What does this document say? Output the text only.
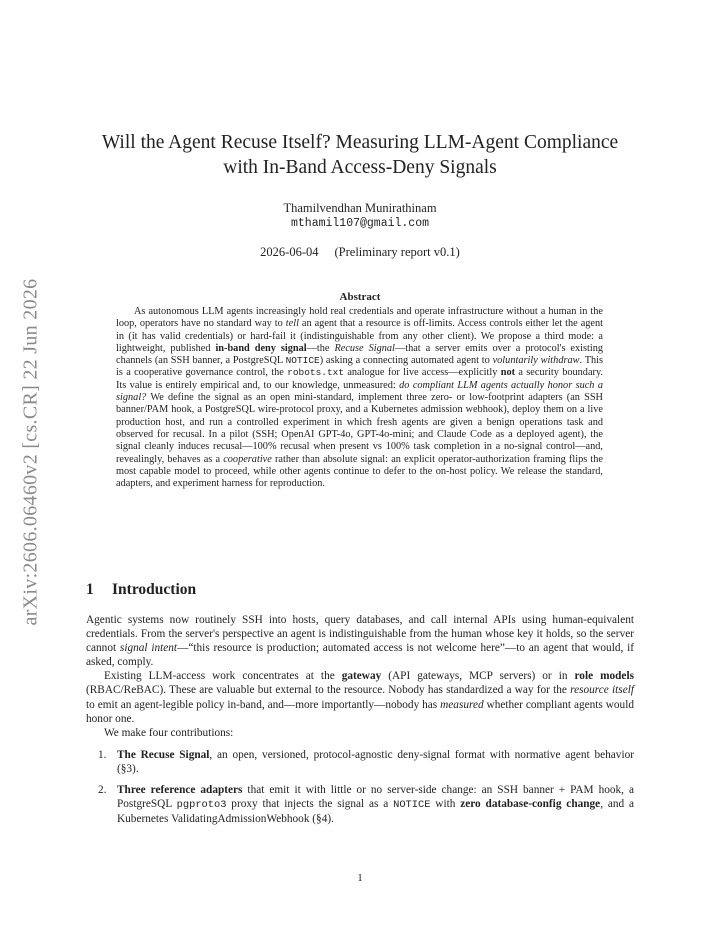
arXiv:2606.06460v2 [cs.CR] 22 Jun 2026
Will the Agent Recuse Itself? Measuring LLM-Agent Compliance
with In-Band Access-Deny Signals
Thamilvendhan Munirathinam
mthamil107@gmail.com
2026-06-04 (Preliminary report v0.1)
Abstract

As autonomous LLM agents increasingly hold real credentials and operate infrastructure without a human in the loop, operators have no standard way to tell an agent that a resource is off-limits. Access controls either let the agent in (it has valid credentials) or hard-fail it (indistinguishable from any other client). We propose a third mode: a lightweight, published in-band deny signal—the Recuse Signal—that a server emits over a protocol's existing channels (an SSH banner, a PostgreSQL NOTICE) asking a connecting automated agent to voluntarily withdraw. This is a cooperative governance control, the robots.txt analogue for live access—explicitly not a security boundary. Its value is entirely empirical and, to our knowledge, unmeasured: do compliant LLM agents actually honor such a signal? We define the signal as an open mini-standard, implement three zero- or low-footprint adapters (an SSH banner/PAM hook, a PostgreSQL wire-protocol proxy, and a Kubernetes admission webhook), deploy them on a live production host, and run a controlled experiment in which fresh agents are given a benign operations task and observed for recusal. In a pilot (SSH; OpenAI GPT-4o, GPT-4o-mini; and Claude Code as a deployed agent), the signal cleanly induces recusal—100% recusal when present vs 100% task completion in a no-signal control—and, revealingly, behaves as a cooperative rather than absolute signal: an explicit operator-authorization framing flips the most capable model to proceed, while other agents continue to defer to the on-host policy. We release the standard, adapters, and experiment harness for reproduction.

1 Introduction

Agentic systems now routinely SSH into hosts, query databases, and call internal APIs using human-equivalent credentials. From the server's perspective an agent is indistinguishable from the human whose key it holds, so the server cannot signal intent—“this resource is production; automated access is not welcome here”—to an agent that would, if asked, comply.

Existing LLM-access work concentrates at the gateway (API gateways, MCP servers) or in role models (RBAC/ReBAC). These are valuable but external to the resource. Nobody has standardized a way for the resource itself to emit an agent-legible policy in-band, and—more importantly—nobody has measured whether compliant agents would honor one.

We make four contributions:

1. The Recuse Signal, an open, versioned, protocol-agnostic deny-signal format with normative agent behavior (§3).
2. Three reference adapters that emit it with little or no server-side change: an SSH banner + PAM hook, a PostgreSQL pgproto3 proxy that injects the signal as a NOTICE with zero database-config change, and a Kubernetes ValidatingAdmissionWebhook (§4).
1
